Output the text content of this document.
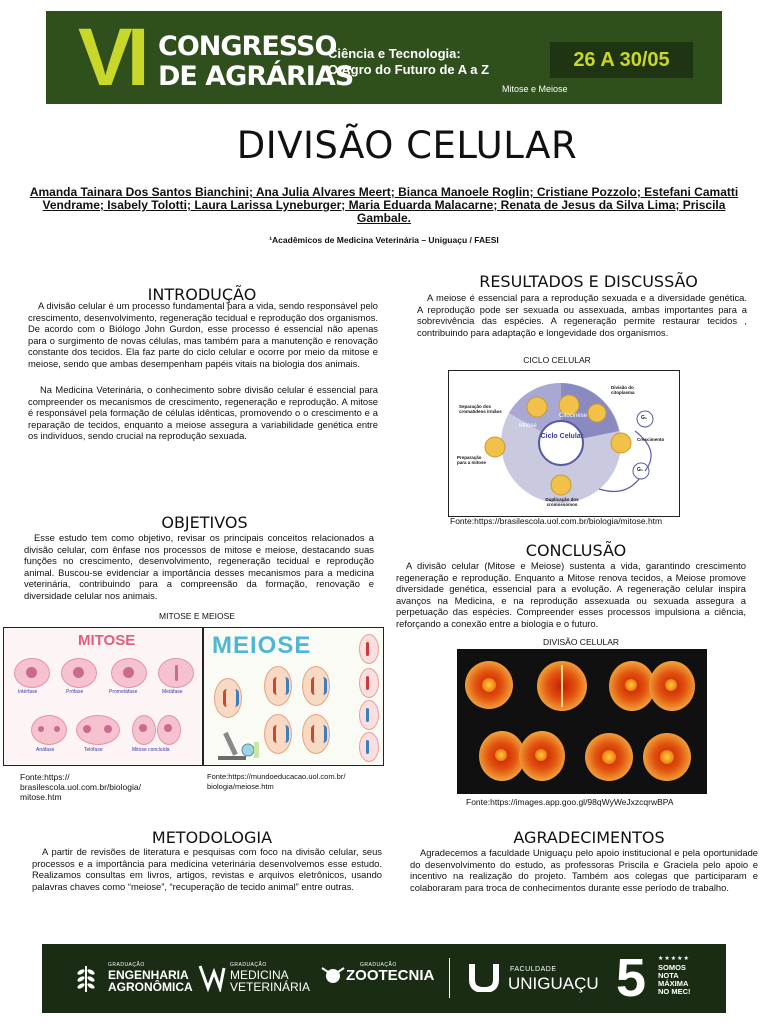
VI CONGRESSO
DE AGRÁRIAS
Ciência e Tecnologia:
O Agro do Futuro de A a Z	26 A 30/05
Mitose e Meiose
DIVISÃO CELULAR
Amanda Tainara Dos Santos Bianchini; Ana Julia Alvares Meert; Bianca Manoele Roglin; Cristiane Pozzolo; Estefani Camatti Vendrame; Isabely Tolotti; Laura Larissa Lyneburger; Maria Eduarda Malacarne; Renata de Jesus da Silva Lima; Priscila Gambale.
¹Acadêmicos de Medicina Veterinária – Uniguaçu / FAESI
INTRODUÇÃO
A divisão celular é um processo fundamental para a vida, sendo responsável pelo crescimento, desenvolvimento, regeneração tecidual e reprodução dos organismos. De acordo com o Biólogo John Gurdon, esse processo é essencial não apenas para o surgimento de novas células, mas também para a manutenção e renovação constante dos tecidos. Ela faz parte do ciclo celular e ocorre por meio da mitose e meiose, sendo que ambas desempenham papéis vitais na biologia dos animais.
Na Medicina Veterinária, o conhecimento sobre divisão celular é essencial para compreender os mecanismos de crescimento, regeneração e reprodução. A mitose é responsável pela formação de células idênticas, promovendo o o crescimento e a reparação de tecidos, enquanto a meiose assegura a variabilidade genética entre os indivíduos, sendo crucial na reprodução sexuada.
OBJETIVOS
Esse estudo tem como objetivo, revisar os principais conceitos relacionados a divisão celular, com ênfase nos processos de mitose e meiose, destacando suas funções no crescimento, desenvolvimento, regeneração tecidual e reprodução animal. Buscou-se evidenciar a importância desses mecanismos para a medicina veterinária, contribuindo para a compreensão da formação, renovação e diversidade celular nos animais.
MITOSE E MEIOSE
MITOSE
Intérfase	Prófase	Prometáfase	Metáfase
Anáfase	Telófase	Mitose concluída
MEIOSE
Fonte:https://
brasilescola.uol.com.br/biologia/
mitose.htm
Fonte:https://mundoeducacao.uol.com.br/
biologia/meiose.htm
METODOLOGIA
A partir de revisões de literatura e pesquisas com foco na divisão celular, seus processos e a importância para medicina veterinária desenvolvemos esse estudo. Realizamos consultas em livros, artigos, revistas e arquivos eletrônicos, usando palavras chaves como “meiose”, “recuperação de tecido animal” entre outras.
RESULTADOS E DISCUSSÃO
A meiose é essencial para a reprodução sexuada e a diversidade genética. A reprodução pode ser sexuada ou assexuada, ambas importantes para a sobrevivência das espécies. A regeneração permite restaurar tecidos , contribuindo para adaptação e longevidade dos organismos.
CICLO CELULAR
Ciclo Celular
Mitose
Citocinese
Divisão do citoplasma
Separação dos cromatídeos irmãos
Crescimento
Preparação para a mitose
Duplicação dos cromossomos
G₀
G₁
Fonte:https://brasilescola.uol.com.br/biologia/mitose.htm
CONCLUSÃO
A divisão celular (Mitose e Meiose) sustenta a vida, garantindo crescimento regeneração e reprodução. Enquanto a Mitose renova tecidos, a Meiose promove diversidade genética, essencial para a evolução. A regeneração celular inspira avanços na Medicina, e na reprodução assexuada ou sexuada assegura a perpetuação das espécies. Compreender esses processos impulsiona a ciência, reforçando a conexão entre a biologia e o futuro.
DIVISÃO CELULAR
Fonte:https://images.app.goo.gl/98qWyWeJxzcqrwBPA
AGRADECIMENTOS
Agradecemos a faculdade Uniguaçu pelo apoio institucional e pela oportunidade do desenvolvimento do estudo, as professoras Priscila e Graciela pelo apoio e incentivo na realização do projeto. Também aos colegas que participaram e colaboraram para troca de conhecimentos durante esse período de trabalho.
GRADUAÇÃO
ENGENHARIA
AGRONÔMICA
GRADUAÇÃO
MEDICINA
VETERINÁRIA
GRADUAÇÃO
ZOOTECNIA	FACULDADE
UNIGUAÇU 5 ★★★★★
SOMOS
NOTA
MÁXIMA
NO MEC!
